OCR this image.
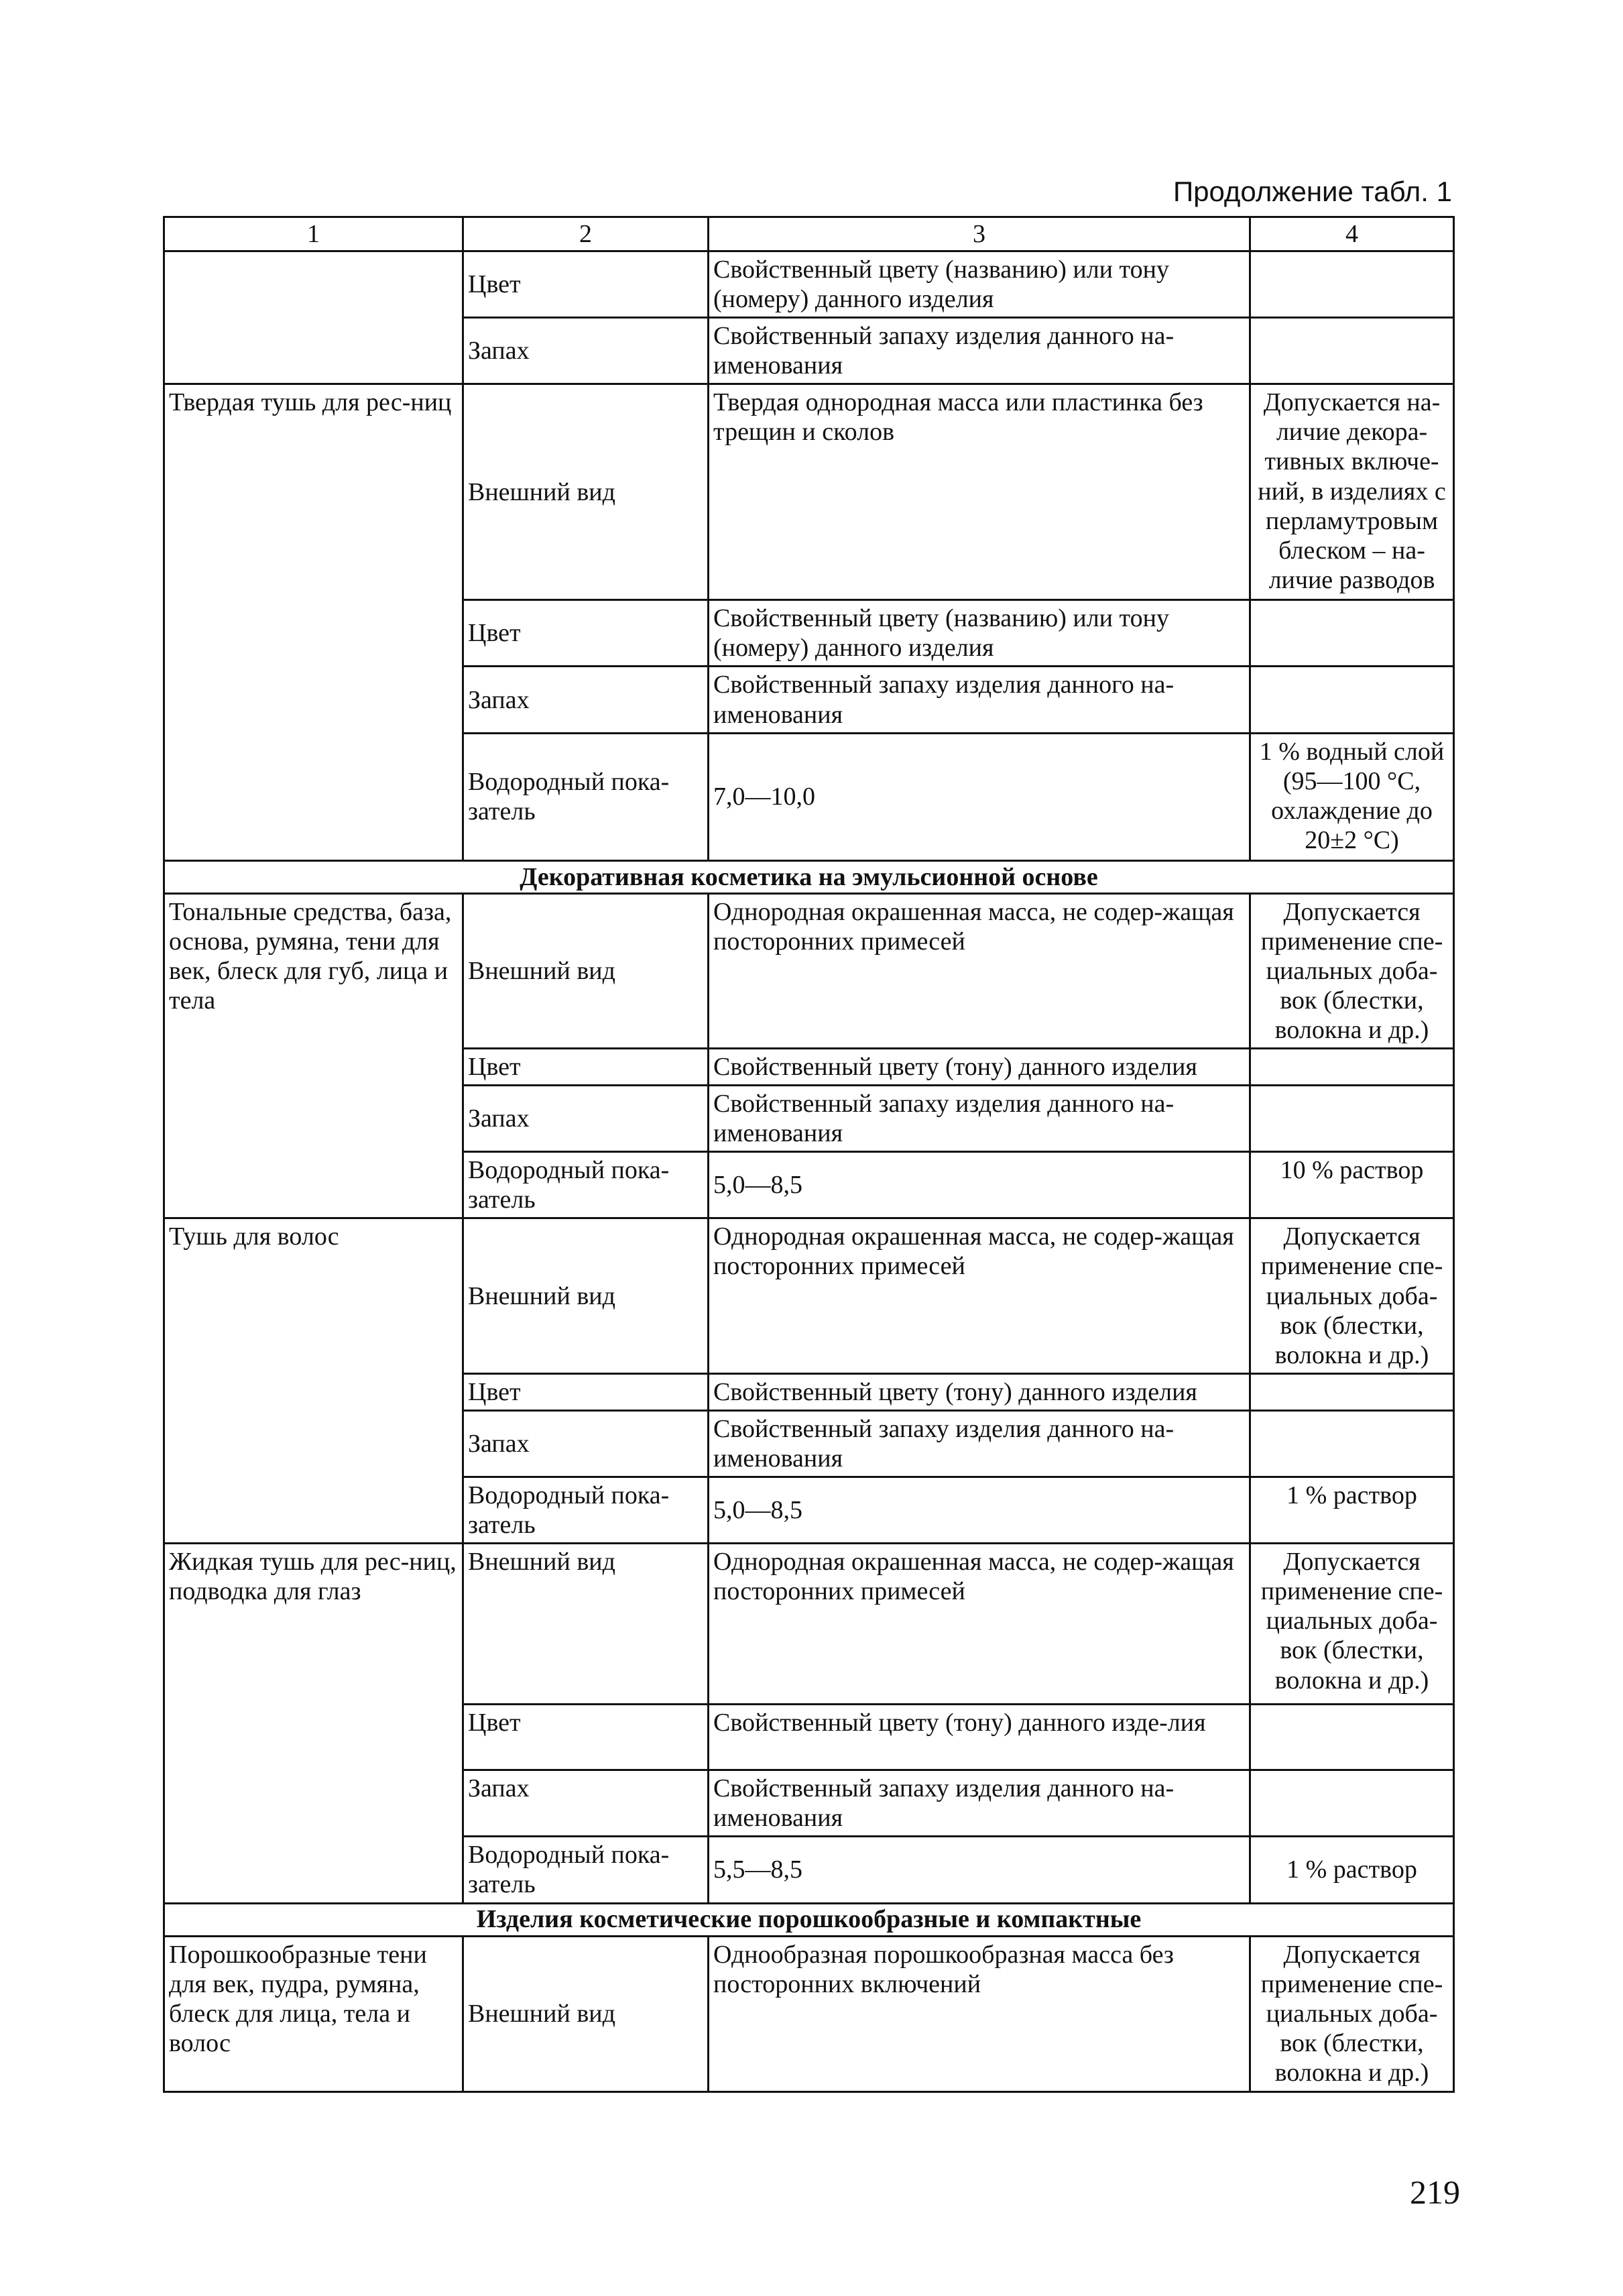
Продолжение табл. 1
1	2	3	4
	Цвет	Свойственный цвету (названию) или тону (номеру) данного изделия	
	Запах	Свойственный запаху изделия данного на-именования	
Твердая тушь для рес-ниц	Внешний вид	Твердая однородная масса или пластинка без трещин и сколов	Допускается на-личие декора-тивных включе-ний, в изделиях с перламутровым блеском – на-личие разводов
	Цвет	Свойственный цвету (названию) или тону (номеру) данного изделия	
	Запах	Свойственный запаху изделия данного на-именования	
	Водородный пока-затель	7,0—10,0	1 % водный слой (95—100 °С, охлаждение до 20±2 °С)
Декоративная косметика на эмульсионной основе			
Тональные средства, база, основа, румяна, тени для век, блеск для губ, лица и тела	Внешний вид	Однородная окрашенная масса, не содер-жащая посторонних примесей	Допускается применение спе-циальных доба-вок (блестки, волокна и др.)
	Цвет	Свойственный цвету (тону) данного изделия	
	Запах	Свойственный запаху изделия данного на-именования	
	Водородный пока-затель	5,0—8,5	10 % раствор
Тушь для волос	Внешний вид	Однородная окрашенная масса, не содер-жащая посторонних примесей	Допускается применение спе-циальных доба-вок (блестки, волокна и др.)
	Цвет	Свойственный цвету (тону) данного изделия	
	Запах	Свойственный запаху изделия данного на-именования	
	Водородный пока-затель	5,0—8,5	1 % раствор
Жидкая тушь для рес-ниц, подводка для глаз	Внешний вид	Однородная окрашенная масса, не содер-жащая посторонних примесей	Допускается применение спе-циальных доба-вок (блестки, волокна и др.)
	Цвет	Свойственный цвету (тону) данного изде-лия	
	Запах	Свойственный запаху изделия данного на-именования	
	Водородный пока-затель	5,5—8,5	1 % раствор
Изделия косметические порошкообразные и компактные			
Порошкообразные тени для век, пудра, румяна, блеск для лица, тела и волос	Внешний вид	Однообразная порошкообразная масса без посторонних включений	Допускается применение спе-циальных доба-вок (блестки, волокна и др.)
219
